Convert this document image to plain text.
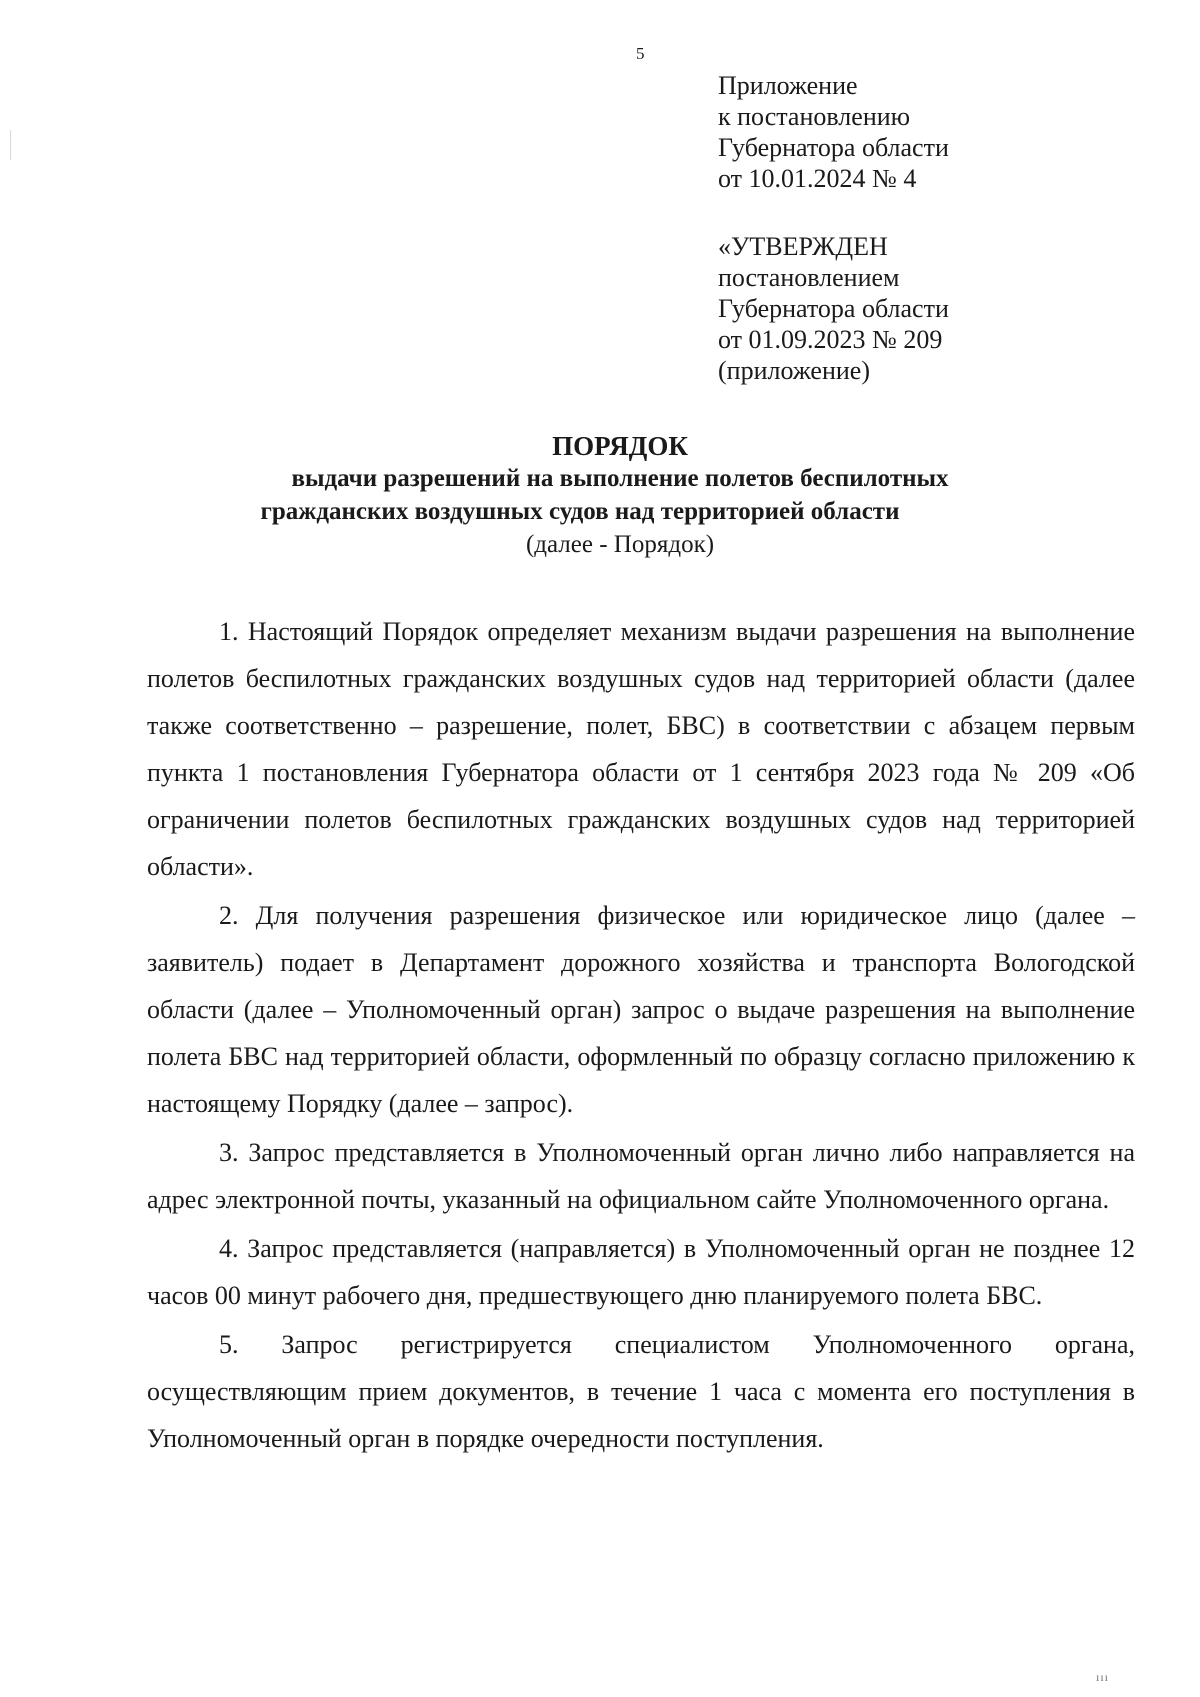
5
Приложение
к постановлению
Губернатора области
от 10.01.2024 № 4
«УТВЕРЖДЕН
постановлением
Губернатора области
от 01.09.2023 № 209
(приложение)
ПОРЯДОК
выдачи разрешений на выполнение полетов беспилотных
гражданских воздушных судов над территорией области
(далее - Порядок)

1. Настоящий Порядок определяет механизм выдачи разрешения на выполнение полетов беспилотных гражданских воздушных судов над территорией области (далее также соответственно – разрешение, полет, БВС) в соответствии с абзацем первым пункта 1 постановления Губернатора области от 1 сентября 2023 года № 209 «Об ограничении полетов беспилотных гражданских воздушных судов над территорией области».

2. Для получения разрешения физическое или юридическое лицо (далее – заявитель) подает в Департамент дорожного хозяйства и транспорта Вологодской области (далее – Уполномоченный орган) запрос о выдаче разрешения на выполнение полета БВС над территорией области, оформленный по образцу согласно приложению к настоящему Порядку (далее – запрос).

3. Запрос представляется в Уполномоченный орган лично либо направляется на адрес электронной почты, указанный на официальном сайте Уполномоченного органа.

4. Запрос представляется (направляется) в Уполномоченный орган не позднее 12 часов 00 минут рабочего дня, предшествующего дню планируемого полета БВС.

5. Запрос регистрируется специалистом Уполномоченного органа, осуществляющим прием документов, в течение 1 часа с момента его поступления в Уполномоченный орган в порядке очередности поступления.

ııı
